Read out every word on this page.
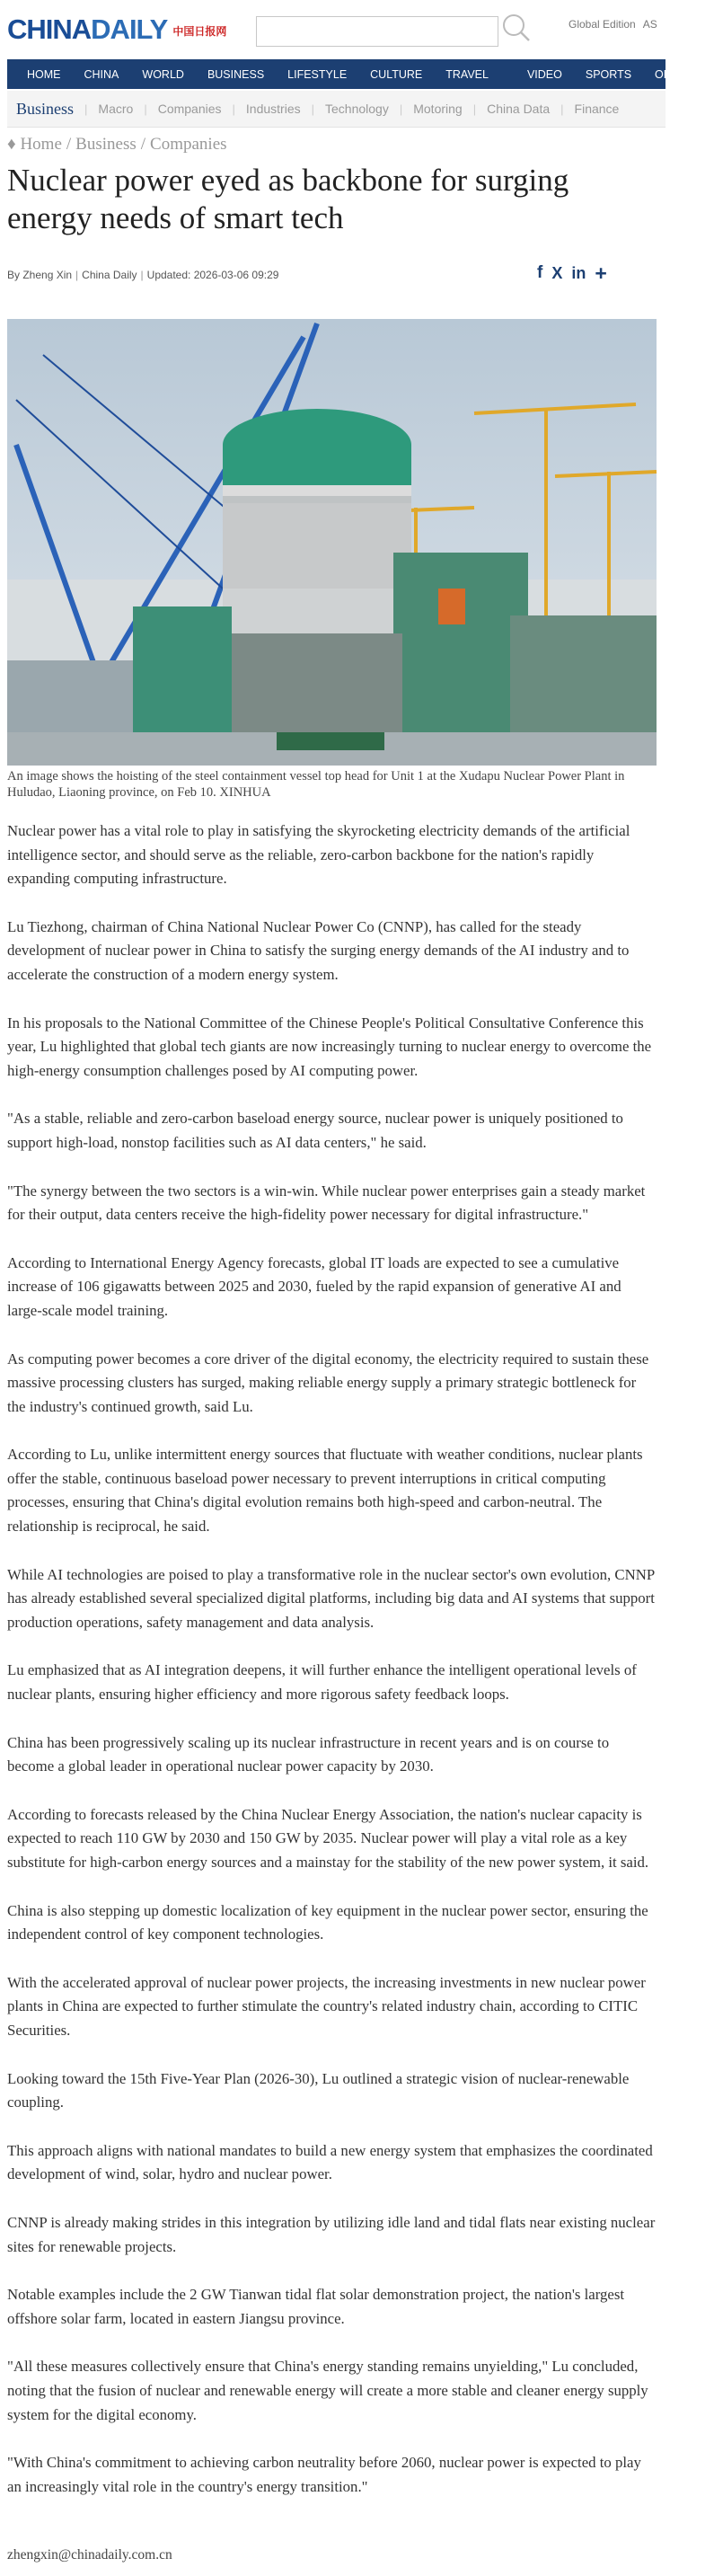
CHINADAILY 中国日报网
Global Edition AS
HOME	CHINA	WORLD	BUSINESS	LIFESTYLE	CULTURE	TRAVEL	VIDEO	SPORTS	OPINION
Business | Macro | Companies | Industries | Technology | Motoring | China Data | Finance
♦ Home / Business / Companies
Nuclear power eyed as backbone for surging energy needs of smart tech
By Zheng Xin | China Daily | Updated: 2026-03-06 09:29	f X in +

An image shows the hoisting of the steel containment vessel top head for Unit 1 at the Xudapu Nuclear Power Plant in Huludao, Liaoning province, on Feb 10. XINHUA

Nuclear power has a vital role to play in satisfying the skyrocketing electricity demands of the artificial intelligence sector, and should serve as the reliable, zero-carbon backbone for the nation's rapidly expanding computing infrastructure.

Lu Tiezhong, chairman of China National Nuclear Power Co (CNNP), has called for the steady development of nuclear power in China to satisfy the surging energy demands of the AI industry and to accelerate the construction of a modern energy system.

In his proposals to the National Committee of the Chinese People's Political Consultative Conference this year, Lu highlighted that global tech giants are now increasingly turning to nuclear energy to overcome the high-energy consumption challenges posed by AI computing power.

"As a stable, reliable and zero-carbon baseload energy source, nuclear power is uniquely positioned to support high-load, nonstop facilities such as AI data centers," he said.

"The synergy between the two sectors is a win-win. While nuclear power enterprises gain a steady market for their output, data centers receive the high-fidelity power necessary for digital infrastructure."

According to International Energy Agency forecasts, global IT loads are expected to see a cumulative increase of 106 gigawatts between 2025 and 2030, fueled by the rapid expansion of generative AI and large-scale model training.

As computing power becomes a core driver of the digital economy, the electricity required to sustain these massive processing clusters has surged, making reliable energy supply a primary strategic bottleneck for the industry's continued growth, said Lu.

According to Lu, unlike intermittent energy sources that fluctuate with weather conditions, nuclear plants offer the stable, continuous baseload power necessary to prevent interruptions in critical computing processes, ensuring that China's digital evolution remains both high-speed and carbon-neutral. The relationship is reciprocal, he said.

While AI technologies are poised to play a transformative role in the nuclear sector's own evolution, CNNP has already established several specialized digital platforms, including big data and AI systems that support production operations, safety management and data analysis.

Lu emphasized that as AI integration deepens, it will further enhance the intelligent operational levels of nuclear plants, ensuring higher efficiency and more rigorous safety feedback loops.

China has been progressively scaling up its nuclear infrastructure in recent years and is on course to become a global leader in operational nuclear power capacity by 2030.

According to forecasts released by the China Nuclear Energy Association, the nation's nuclear capacity is expected to reach 110 GW by 2030 and 150 GW by 2035. Nuclear power will play a vital role as a key substitute for high-carbon energy sources and a mainstay for the stability of the new power system, it said.

China is also stepping up domestic localization of key equipment in the nuclear power sector, ensuring the independent control of key component technologies.

With the accelerated approval of nuclear power projects, the increasing investments in new nuclear power plants in China are expected to further stimulate the country's related industry chain, according to CITIC Securities.

Looking toward the 15th Five-Year Plan (2026-30), Lu outlined a strategic vision of nuclear-renewable coupling.

This approach aligns with national mandates to build a new energy system that emphasizes the coordinated development of wind, solar, hydro and nuclear power.

CNNP is already making strides in this integration by utilizing idle land and tidal flats near existing nuclear sites for renewable projects.

Notable examples include the 2 GW Tianwan tidal flat solar demonstration project, the nation's largest offshore solar farm, located in eastern Jiangsu province.

"All these measures collectively ensure that China's energy standing remains unyielding," Lu concluded, noting that the fusion of nuclear and renewable energy will create a more stable and cleaner energy supply system for the digital economy.

"With China's commitment to achieving carbon neutrality before 2060, nuclear power is expected to play an increasingly vital role in the country's energy transition."

zhengxin@chinadaily.com.cn
